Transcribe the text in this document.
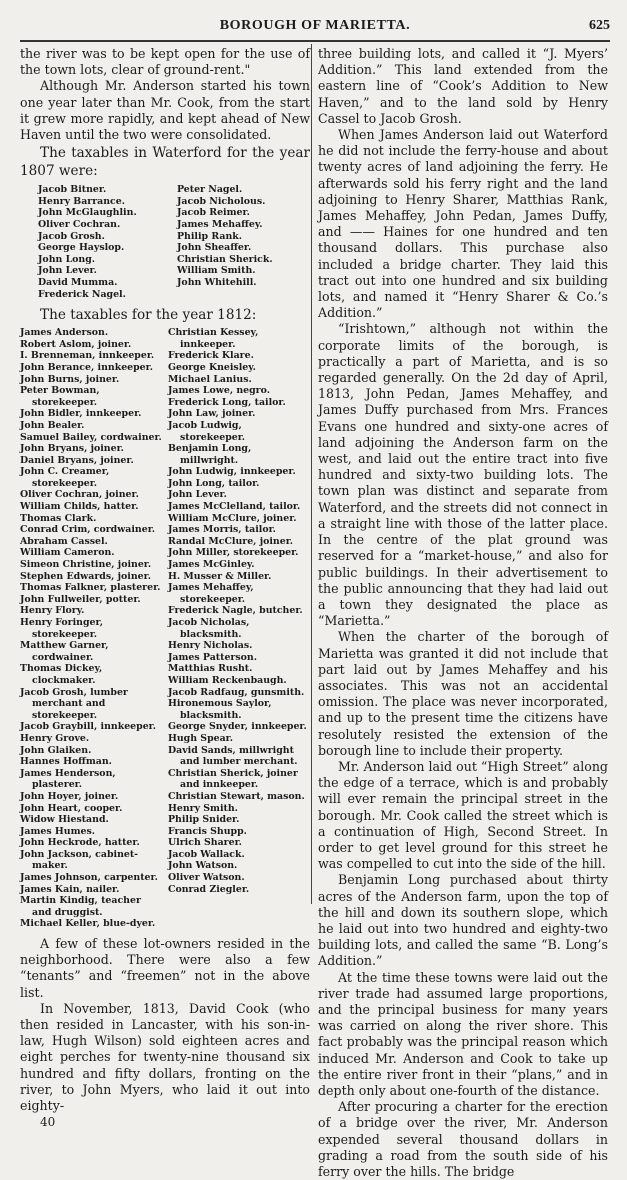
BOROUGH OF MARIETTA.	625

the river was to be kept open for the use of the town lots, clear of ground-rent."

Although Mr. Anderson started his town one year later than Mr. Cook, from the start it grew more rapidly, and kept ahead of New Haven until the two were consolidated.

The taxables in Waterford for the year 1807 were:

Jacob Bitner.
Henry Barrance.
John McGlaughlin.
Oliver Cochran.
Jacob Grosh.
George Hayslop.
John Long.
John Lever.
David Mumma.
Frederick Nagel.
Peter Nagel.
Jacob Nicholous.
Jacob Reimer.
James Mehaffey.
Philip Rank.
John Sheaffer.
Christian Sherick.
William Smith.
John Whitehill.

The taxables for the year 1812:

James Anderson.
Robert Aslom, joiner.
I. Brenneman, innkeeper.
John Berance, innkeeper.
John Burns, joiner.
Peter Bowman, storekeeper.
John Bidler, innkeeper.
John Bealer.
Samuel Bailey, cordwainer.
John Bryans, joiner.
Daniel Bryans, joiner.
John C. Creamer, storekeeper.
Oliver Cochran, joiner.
William Childs, hatter.
Thomas Clark.
Conrad Crim, cordwainer.
Abraham Cassel.
William Cameron.
Simeon Christine, joiner.
Stephen Edwards, joiner.
Thomas Falkner, plasterer.
John Fullweiler, potter.
Henry Flory.
Henry Foringer, storekeeper.
Matthew Garner, cordwainer.
Thomas Dickey, clockmaker.
Jacob Grosh, lumber merchant and storekeeper.
Jacob Graybill, innkeeper.
Henry Grove.
John Glaiken.
Hannes Hoffman.
James Henderson, plasterer.
John Hoyer, joiner.
John Heart, cooper.
Widow Hiestand.
James Humes.
John Heckrode, hatter.
John Jackson, cabinet-maker.
James Johnson, carpenter.
James Kain, nailer.
Martin Kindig, teacher and druggist.
Michael Keller, blue-dyer.
Christian Kessey, innkeeper.
Frederick Klare.
George Kneisley.
Michael Lanius.
James Lowe, negro.
Frederick Long, tailor.
John Law, joiner.
Jacob Ludwig, storekeeper.
Benjamin Long, millwright.
John Ludwig, innkeeper.
John Long, tailor.
John Lever.
James McClelland, tailor.
William McClure, joiner.
James Morris, tailor.
Randal McClure, joiner.
John Miller, storekeeper.
James McGinley.
H. Musser & Miller.
James Mehaffey, storekeeper.
Frederick Nagle, butcher.
Jacob Nicholas, blacksmith.
Henry Nicholas.
James Patterson.
Matthias Rusht.
William Reckenbaugh.
Jacob Radfaug, gunsmith.
Hironemous Saylor, blacksmith.
George Snyder, innkeeper.
Hugh Spear.
David Sands, millwright and lumber merchant.
Christian Sherick, joiner and innkeeper.
Christian Stewart, mason.
Henry Smith.
Philip Snider.
Francis Shupp.
Ulrich Sharer.
Jacob Wallack.
John Watson.
Oliver Watson.
Conrad Ziegler.

A few of these lot-owners resided in the neighborhood. There were also a few “tenants” and “freemen” not in the above list.

In November, 1813, David Cook (who then resided in Lancaster, with his son-in-law, Hugh Wilson) sold eighteen acres and eight perches for twenty-nine thousand six hundred and fifty dollars, fronting on the river, to John Myers, who laid it out into eighty-

40

three building lots, and called it “J. Myers’ Addition.” This land extended from the eastern line of “Cook’s Addition to New Haven,” and to the land sold by Henry Cassel to Jacob Grosh.

When James Anderson laid out Waterford he did not include the ferry-house and about twenty acres of land adjoining the ferry. He afterwards sold his ferry right and the land adjoining to Henry Sharer, Matthias Rank, James Mehaffey, John Pedan, James Duffy, and —— Haines for one hundred and ten thousand dollars. This purchase also included a bridge charter. They laid this tract out into one hundred and six building lots, and named it “Henry Sharer & Co.’s Addition.”

“Irishtown,” although not within the corporate limits of the borough, is practically a part of Marietta, and is so regarded generally. On the 2d day of April, 1813, John Pedan, James Mehaffey, and James Duffy purchased from Mrs. Frances Evans one hundred and sixty-one acres of land adjoining the Anderson farm on the west, and laid out the entire tract into five hundred and sixty-two building lots. The town plan was distinct and separate from Waterford, and the streets did not connect in a straight line with those of the latter place. In the centre of the plat ground was reserved for a “market-house,” and also for public buildings. In their advertisement to the public announcing that they had laid out a town they designated the place as “Marietta.”

When the charter of the borough of Marietta was granted it did not include that part laid out by James Mehaffey and his associates. This was not an accidental omission. The place was never incorporated, and up to the present time the citizens have resolutely resisted the extension of the borough line to include their property.

Mr. Anderson laid out “High Street” along the edge of a terrace, which is and probably will ever remain the principal street in the borough. Mr. Cook called the street which is a continuation of High, Second Street. In order to get level ground for this street he was compelled to cut into the side of the hill.

Benjamin Long purchased about thirty acres of the Anderson farm, upon the top of the hill and down its southern slope, which he laid out into two hundred and eighty-two building lots, and called the same “B. Long’s Addition.”

At the time these towns were laid out the river trade had assumed large proportions, and the principal business for many years was carried on along the river shore. This fact probably was the principal reason which induced Mr. Anderson and Cook to take up the entire river front in their “plans,” and in depth only about one-fourth of the distance.

After procuring a charter for the erection of a bridge over the river, Mr. Anderson expended several thousand dollars in grading a road from the south side of his ferry over the hills. The bridge
